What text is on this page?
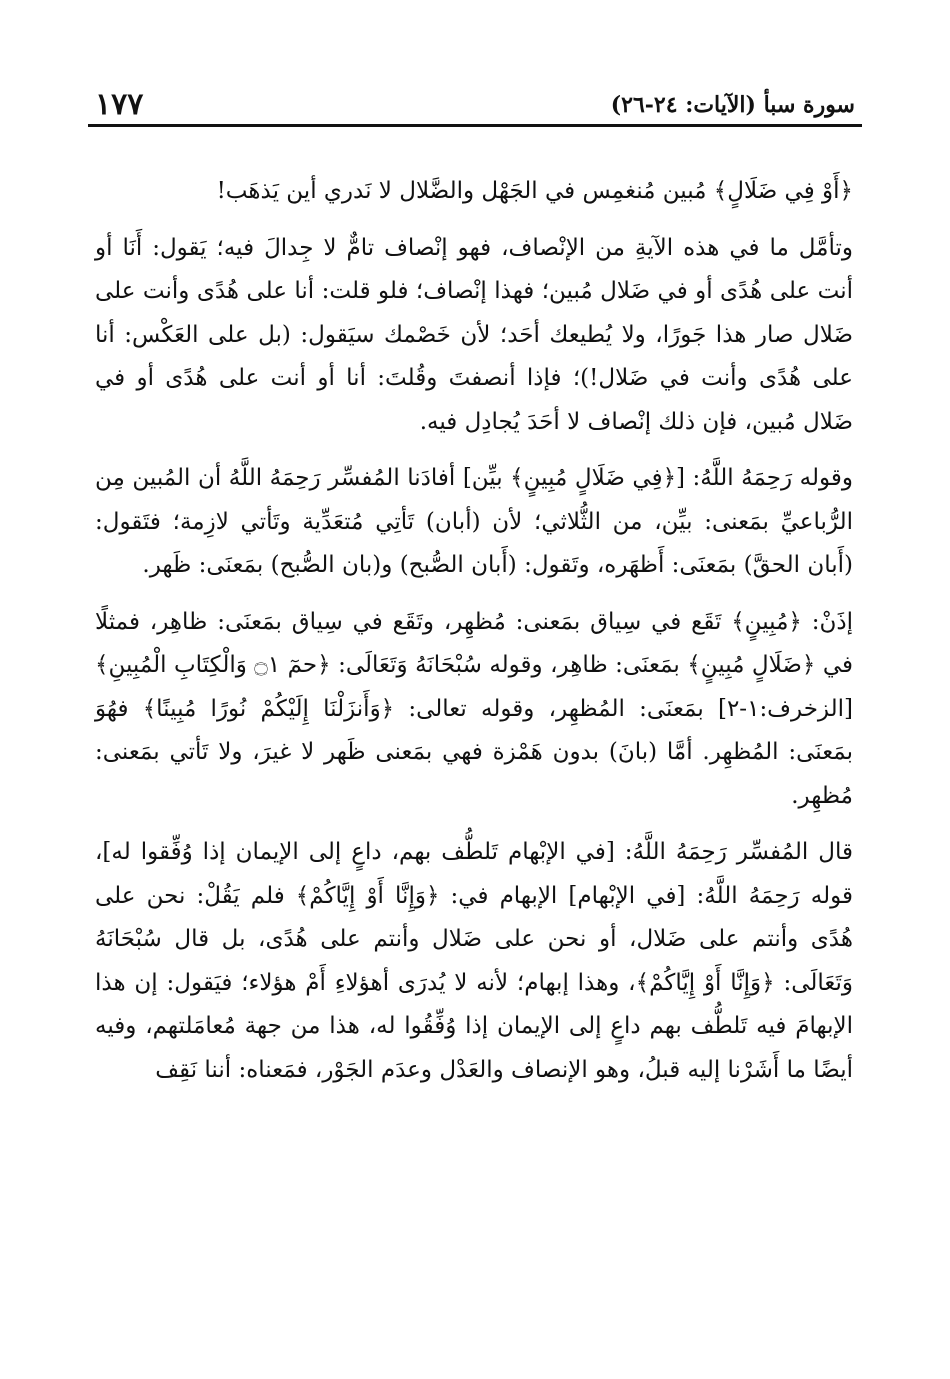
١٧٧	سورة سبأ (الآيات: ٢٤-٢٦)

﴿أَوْ فِي ضَلَالٍ﴾ مُبين مُنغمِس في الجَهْل والضَّلال لا نَدري أين يَذهَب!

وتأمَّل ما في هذه الآيةِ من الإنْصاف، فهو إنْصاف تامٌّ لا جِدالَ فيه؛ يَقول: أَنَا أو أنت على هُدًى أو في ضَلال مُبين؛ فهذا إنْصاف؛ فلو قلت: أنا على هُدًى وأنت على ضَلال صار هذا جَورًا، ولا يُطيعك أحَد؛ لأن خَصْمك سيَقول: (بل على العَكْس: أنا على هُدًى وأنت في ضَلال!)؛ فإذا أنصفتَ وقُلتَ: أنا أو أنت على هُدًى أو في ضَلال مُبين، فإن ذلك إنْصاف لا أحَدَ يُجادِل فيه.

وقوله رَحِمَهُ اللَّهُ: [﴿فِي ضَلَالٍ مُبِينٍ﴾ بيِّن] أفادَنا المُفسِّر رَحِمَهُ اللَّهُ أن المُبين مِن الرُّباعيِّ بمَعنى: بيِّن، من الثُّلاثي؛ لأن (أبان) تَأتِي مُتعَدِّية وتَأتي لازِمة؛ فتَقول: (أَبان الحقَّ) بمَعنَى: أَظهَره، وتَقول: (أَبان الصُّبح) و(بان الصُّبح) بمَعنَى: ظَهر.

إذَنْ: ﴿مُبِينٍ﴾ تَقَع في سِياق بمَعنى: مُظهِر، وتَقَع في سِياق بمَعنَى: ظاهِر، فمثلًا في ﴿ضَلَالٍ مُبِينٍ﴾ بمَعنَى: ظاهِر، وقوله سُبْحَانَهُ وَتَعَالَى: ﴿حمٓ ۝١ وَالْكِتَابِ الْمُبِينِ﴾ [الزخرف:١-٢] بمَعنَى: المُظهِر، وقوله تعالى: ﴿وَأَنزَلْنَا إِلَيْكُمْ نُورًا مُبِينًا﴾ فهُوَ بمَعنَى: المُظهِر. أمَّا (بانَ) بدون هَمْزة فهي بمَعنى ظَهر لا غيرَ، ولا تَأتي بمَعنى: مُظهِر.

قال المُفسِّر رَحِمَهُ اللَّهُ: [في الإبْهام تَلطُّف بهم، داعٍ إلى الإيمان إذا وُفِّقوا له]، قوله رَحِمَهُ اللَّهُ: [في الإبْهام] الإبهام في: ﴿وَإِنَّا أَوْ إِيَّاكُمْ﴾ فلم يَقُلْ: نحن على هُدًى وأنتم على ضَلال، أو نحن على ضَلال وأنتم على هُدًى، بل قال سُبْحَانَهُ وَتَعَالَى: ﴿وَإِنَّا أَوْ إِيَّاكُمْ﴾، وهذا إبهام؛ لأنه لا يُدرَى أهؤلاءِ أَمْ هؤلاء؛ فيَقول: إن هذا الإبهامَ فيه تَلطُّف بهم داعٍ إلى الإيمان إذا وُفِّقُوا له، هذا من جهة مُعامَلتهم، وفيه أيضًا ما أَشَرْنا إليه قبلُ، وهو الإنصاف والعَدْل وعدَم الجَوْر، فمَعناه: أننا نَقِف
